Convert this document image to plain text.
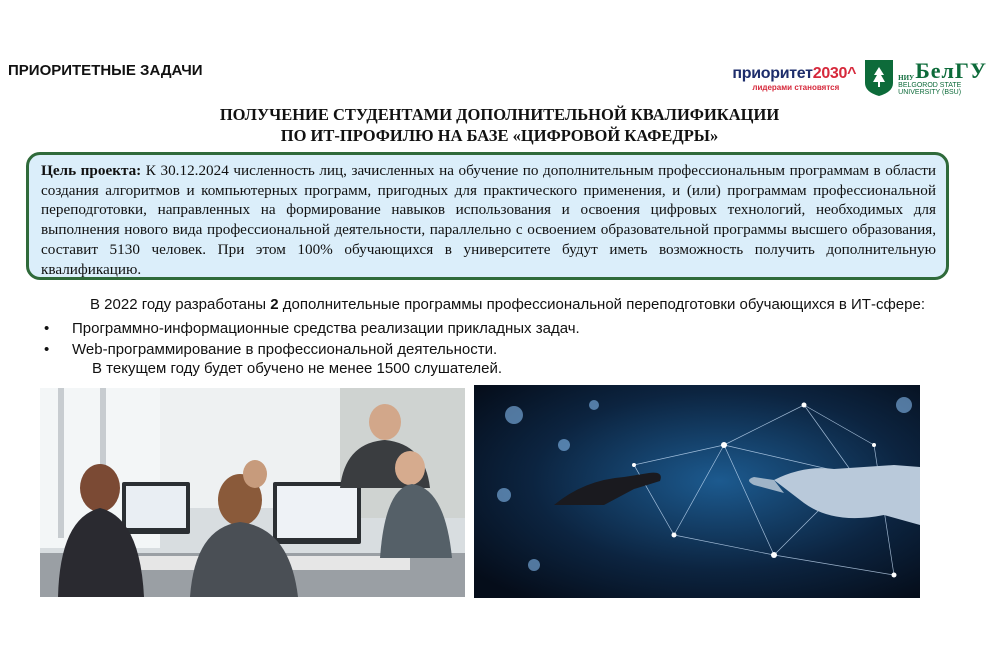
ПРИОРИТЕТНЫЕ ЗАДАЧИ	приоритет2030^
лидерами становятся
НИУ БелГУ
BELGOROD STATE
UNIVERSITY (BSU)
ПОЛУЧЕНИЕ СТУДЕНТАМИ ДОПОЛНИТЕЛЬНОЙ КВАЛИФИКАЦИИ
ПО ИТ-ПРОФИЛЮ НА БАЗЕ «ЦИФРОВОЙ КАФЕДРЫ»
Цель проекта: К 30.12.2024 численность лиц, зачисленных на обучение по дополнительным профессиональным программам в области создания алгоритмов и компьютерных программ, пригодных для практического применения, и (или) программам профессиональной переподготовки, направленных на формирование навыков использования и освоения цифровых технологий, необходимых для выполнения нового вида профессиональной деятельности, параллельно с освоением образовательной программы высшего образования, составит 5130 человек. При этом 100% обучающихся в университете будут иметь возможность получить дополнительную квалификацию.
В 2022 году разработаны 2 дополнительные программы профессиональной переподготовки обучающихся в ИТ-сфере:
• Программно-информационные средства реализации прикладных задач.
• Web-программирование в профессиональной деятельности.
В текущем году будет обучено не менее 1500 слушателей.
